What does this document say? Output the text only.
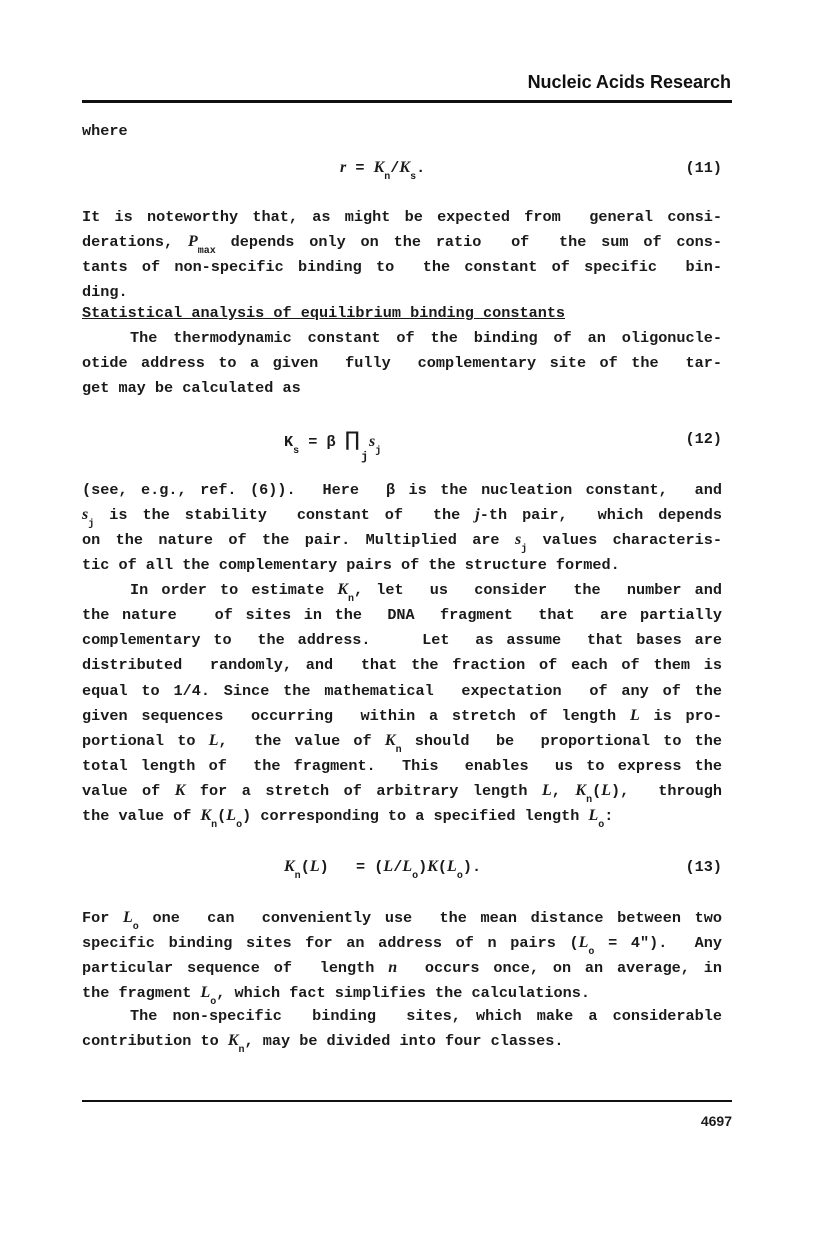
Nucleic Acids Research
where
$r = K_n/K_s$.	(11)
It is noteworthy that, as might be expected from  general consi-
derations, $P_{max}$ depends only on the ratio  of  the sum of cons-
tants of non-specific binding to  the constant of specific  bin-
ding.
Statistical analysis of equilibrium binding constants
The thermodynamic constant of the binding of an oligonucle-
otide address to a given  fully  complementary site of the  tar-
get may be calculated as
$K_s = \beta$ ∏ $s_j$
j
(12)
(see, e.g., ref. (6)).  Here  β is the nucleation constant,  and
$s_j$ is the stability  constant of  the j-th pair,  which depends
on the nature of the pair. Multiplied are $s_j$ values characteris-
tic of all the complementary pairs of the structure formed.
In order to estimate $K_n$, let  us  consider  the  number and
the nature   of sites in the  DNA  fragment  that  are partially
complementary to  the address.    Let  as assume  that bases are
distributed  randomly, and  that the fraction of each of them is
equal to 1/4. Since the mathematical  expectation  of any of the
given sequences  occurring  within a stretch of length L is pro-
portional to L,  the value of $K_n$ should  be  proportional to the
total length of  the fragment.  This  enables  us to express the
value of K for a stretch of arbitrary length L, $K_n(L)$,  through
the value of $K_n(L_o)$ corresponding to a specified length $L_o$:
$K_n(L) = (L/L_o)K(L_o)$.	(13)
For $L_o$ one  can  conveniently use  the mean distance between two
specific binding sites for an address of n pairs ($L_o$ = 4").  Any
particular sequence of  length n  occurs once, on an average, in
the fragment $L_o$, which fact simplifies the calculations.
The non-specific  binding  sites, which make a considerable
contribution to $K_n$, may be divided into four classes.
4697
